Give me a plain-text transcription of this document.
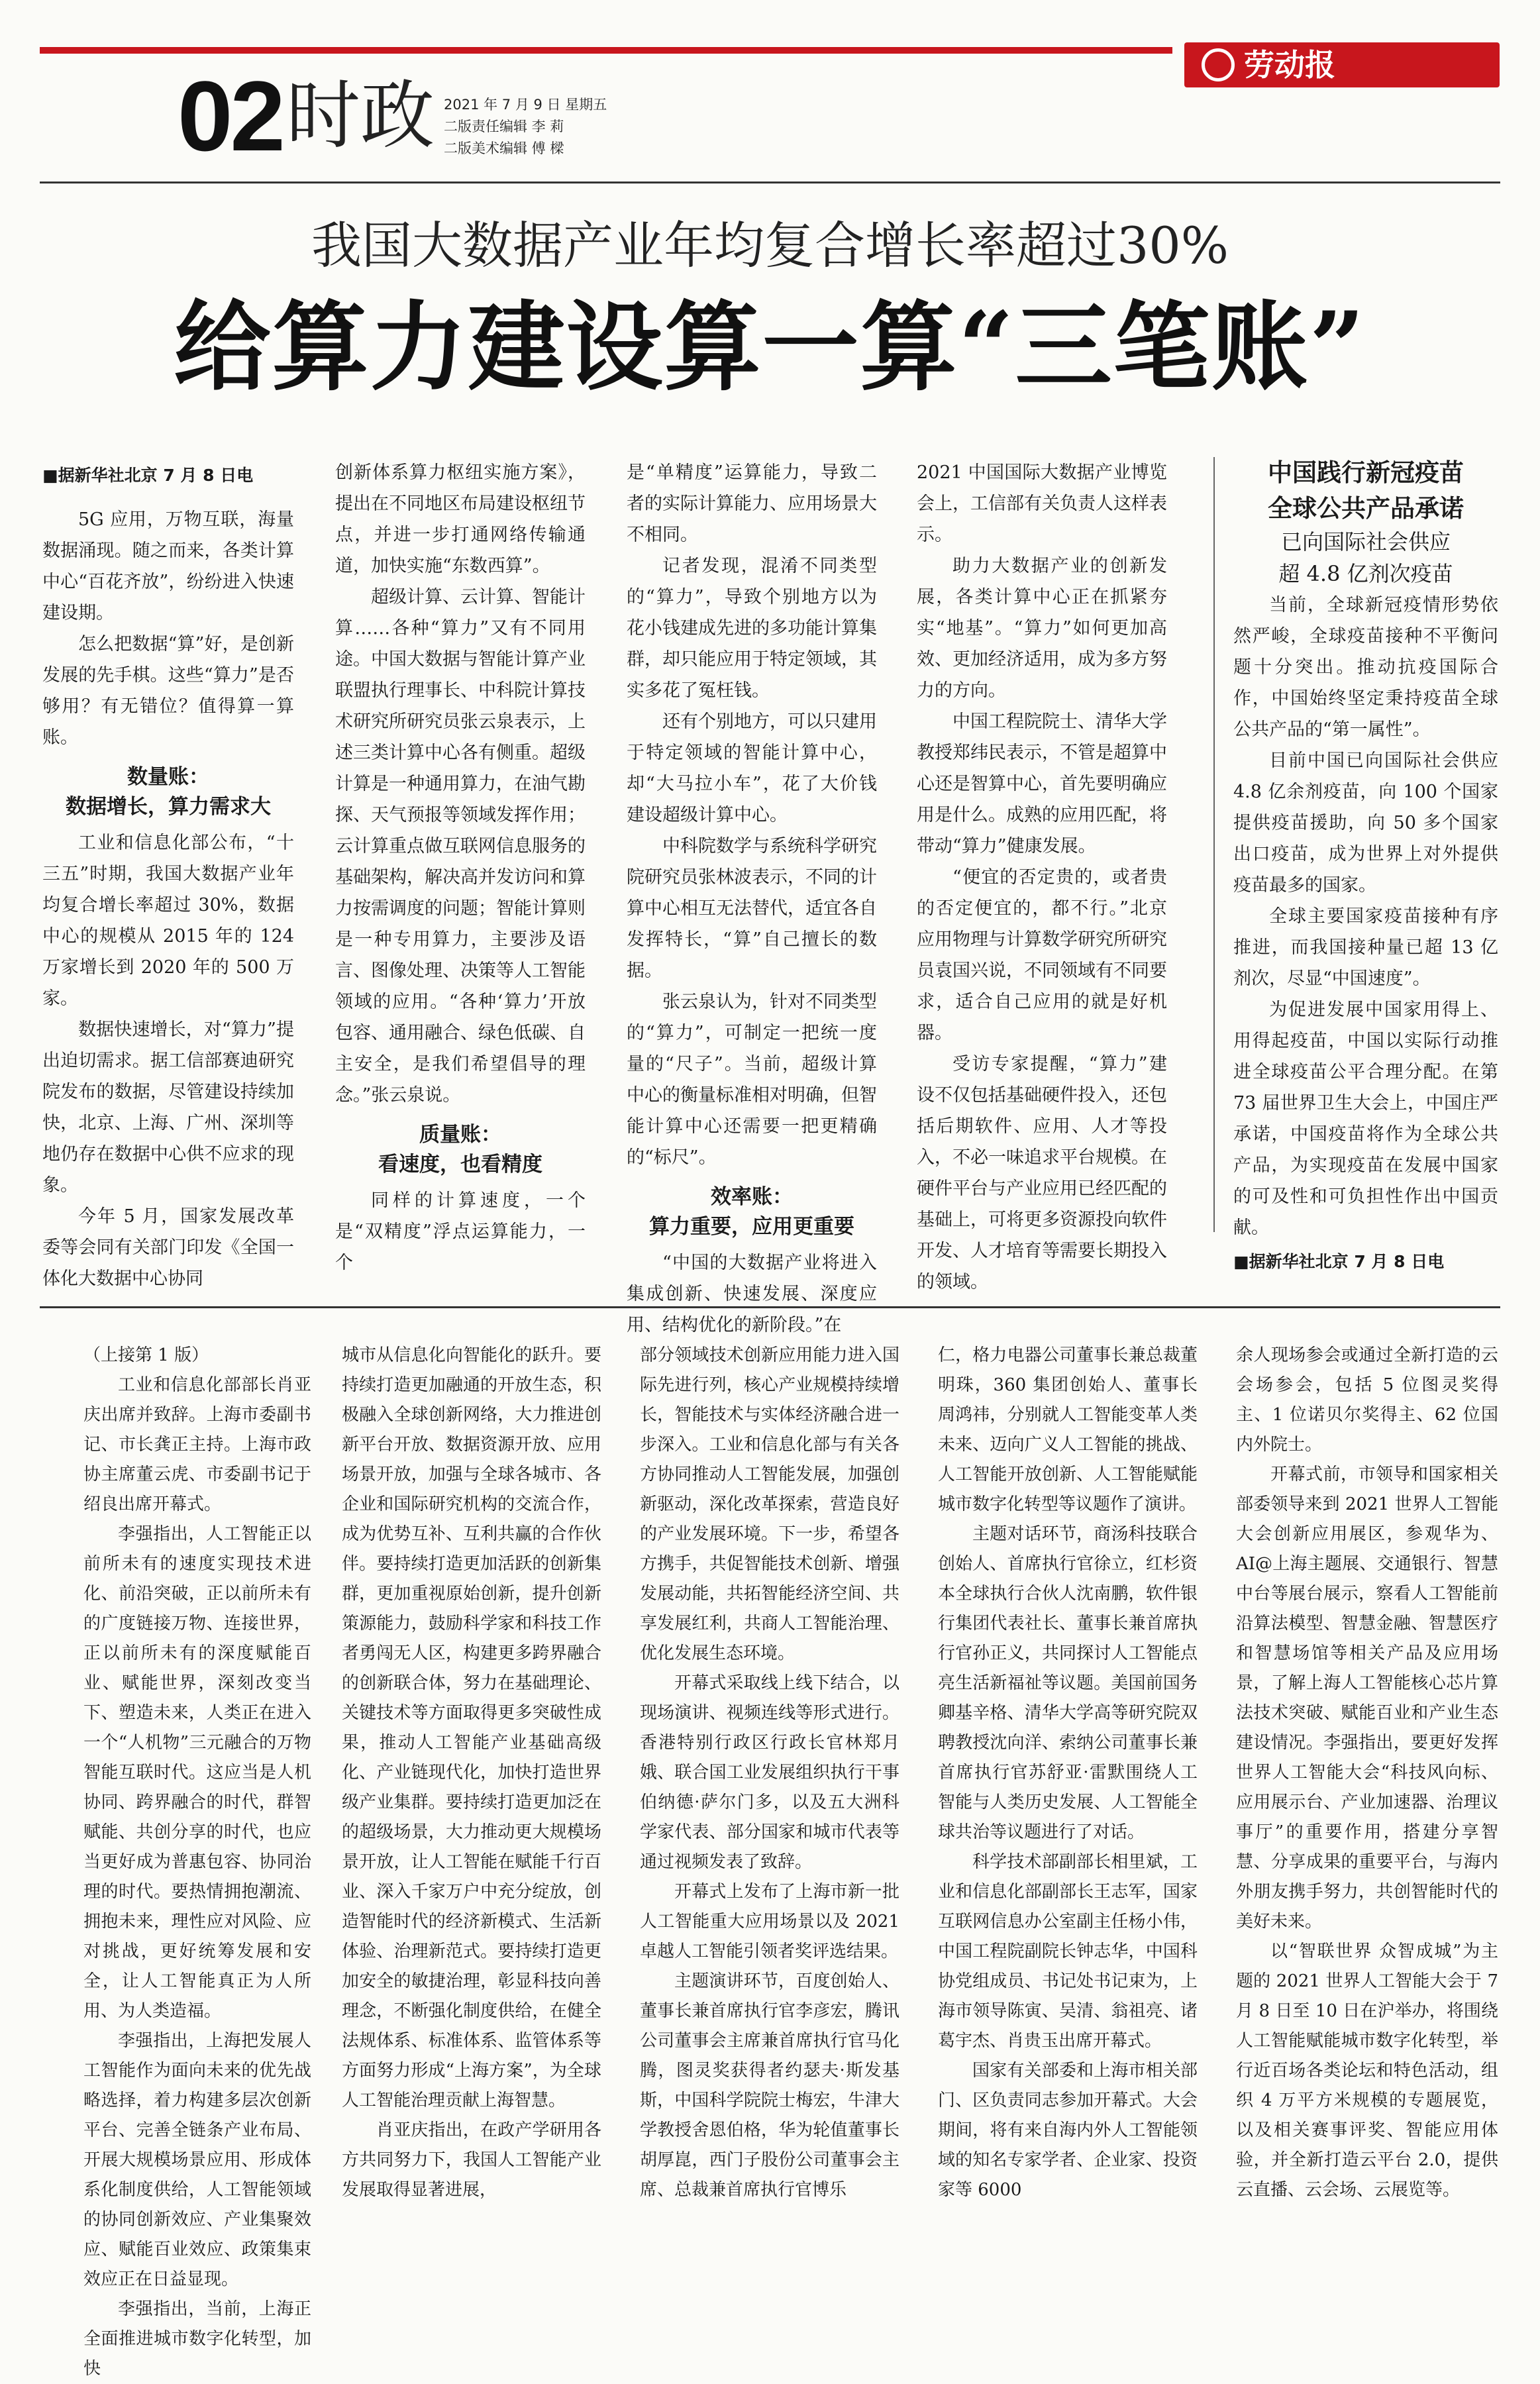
劳动报
02 时政 2021 年 7 月 9 日 星期五
二版责任编辑 李 莉
二版美术编辑 傅 樑
我国大数据产业年均复合增长率超过30%
给算力建设算一算“三笔账”

■据新华社北京 7 月 8 日电

5G 应用，万物互联，海量数据涌现。随之而来，各类计算中心“百花齐放”，纷纷进入快速建设期。

怎么把数据“算”好，是创新发展的先手棋。这些“算力”是否够用？有无错位？值得算一算账。

数量账：
数据增长，算力需求大

工业和信息化部公布，“十三五”时期，我国大数据产业年均复合增长率超过 30%，数据中心的规模从 2015 年的 124 万家增长到 2020 年的 500 万家。

数据快速增长，对“算力”提出迫切需求。据工信部赛迪研究院发布的数据，尽管建设持续加快，北京、上海、广州、深圳等地仍存在数据中心供不应求的现象。

今年 5 月，国家发展改革委等会同有关部门印发《全国一体化大数据中心协同

创新体系算力枢纽实施方案》，提出在不同地区布局建设枢纽节点，并进一步打通网络传输通道，加快实施“东数西算”。

超级计算、云计算、智能计算……各种“算力”又有不同用途。中国大数据与智能计算产业联盟执行理事长、中科院计算技术研究所研究员张云泉表示，上述三类计算中心各有侧重。超级计算是一种通用算力，在油气勘探、天气预报等领域发挥作用；云计算重点做互联网信息服务的基础架构，解决高并发访问和算力按需调度的问题；智能计算则是一种专用算力，主要涉及语言、图像处理、决策等人工智能领域的应用。“各种‘算力’开放包容、通用融合、绿色低碳、自主安全，是我们希望倡导的理念。”张云泉说。

质量账：
看速度，也看精度

同样的计算速度，一个是“双精度”浮点运算能力，一个

是“单精度”运算能力，导致二者的实际计算能力、应用场景大不相同。

记者发现，混淆不同类型的“算力”，导致个别地方以为花小钱建成先进的多功能计算集群，却只能应用于特定领域，其实多花了冤枉钱。

还有个别地方，可以只建用于特定领域的智能计算中心，却“大马拉小车”，花了大价钱建设超级计算中心。

中科院数学与系统科学研究院研究员张林波表示，不同的计算中心相互无法替代，适宜各自发挥特长，“算”自己擅长的数据。

张云泉认为，针对不同类型的“算力”，可制定一把统一度量的“尺子”。当前，超级计算中心的衡量标准相对明确，但智能计算中心还需要一把更精确的“标尺”。

效率账：
算力重要，应用更重要

“中国的大数据产业将进入集成创新、快速发展、深度应用、结构优化的新阶段。”在

2021 中国国际大数据产业博览会上，工信部有关负责人这样表示。

助力大数据产业的创新发展，各类计算中心正在抓紧夯实“地基”。“算力”如何更加高效、更加经济适用，成为多方努力的方向。

中国工程院院士、清华大学教授郑纬民表示，不管是超算中心还是智算中心，首先要明确应用是什么。成熟的应用匹配，将带动“算力”健康发展。

“便宜的否定贵的，或者贵的否定便宜的，都不行。”北京应用物理与计算数学研究所研究员袁国兴说，不同领域有不同要求，适合自己应用的就是好机器。

受访专家提醒，“算力”建设不仅包括基础硬件投入，还包括后期软件、应用、人才等投入，不必一味追求平台规模。在硬件平台与产业应用已经匹配的基础上，可将更多资源投向软件开发、人才培育等需要长期投入的领域。

中国践行新冠疫苗
全球公共产品承诺

已向国际社会供应
超 4.8 亿剂次疫苗

当前，全球新冠疫情形势依然严峻，全球疫苗接种不平衡问题十分突出。推动抗疫国际合作，中国始终坚定秉持疫苗全球公共产品的“第一属性”。

目前中国已向国际社会供应 4.8 亿余剂疫苗，向 100 个国家提供疫苗援助，向 50 多个国家出口疫苗，成为世界上对外提供疫苗最多的国家。

全球主要国家疫苗接种有序推进，而我国接种量已超 13 亿剂次，尽显“中国速度”。

为促进发展中国家用得上、用得起疫苗，中国以实际行动推进全球疫苗公平合理分配。在第 73 届世界卫生大会上，中国庄严承诺，中国疫苗将作为全球公共产品，为实现疫苗在发展中国家的可及性和可负担性作出中国贡献。

■据新华社北京 7 月 8 日电

（上接第 1 版）

工业和信息化部部长肖亚庆出席并致辞。上海市委副书记、市长龚正主持。上海市政协主席董云虎、市委副书记于绍良出席开幕式。

李强指出，人工智能正以前所未有的速度实现技术进化、前沿突破，正以前所未有的广度链接万物、连接世界，正以前所未有的深度赋能百业、赋能世界，深刻改变当下、塑造未来，人类正在进入一个“人机物”三元融合的万物智能互联时代。这应当是人机协同、跨界融合的时代，群智赋能、共创分享的时代，也应当更好成为普惠包容、协同治理的时代。要热情拥抱潮流、拥抱未来，理性应对风险、应对挑战，更好统筹发展和安全，让人工智能真正为人所用、为人类造福。

李强指出，上海把发展人工智能作为面向未来的优先战略选择，着力构建多层次创新平台、完善全链条产业布局、开展大规模场景应用、形成体系化制度供给，人工智能领域的协同创新效应、产业集聚效应、赋能百业效应、政策集束效应正在日益显现。

李强指出，当前，上海正全面推进城市数字化转型，加快

城市从信息化向智能化的跃升。要持续打造更加融通的开放生态，积极融入全球创新网络，大力推进创新平台开放、数据资源开放、应用场景开放，加强与全球各城市、各企业和国际研究机构的交流合作，成为优势互补、互利共赢的合作伙伴。要持续打造更加活跃的创新集群，更加重视原始创新，提升创新策源能力，鼓励科学家和科技工作者勇闯无人区，构建更多跨界融合的创新联合体，努力在基础理论、关键技术等方面取得更多突破性成果，推动人工智能产业基础高级化、产业链现代化，加快打造世界级产业集群。要持续打造更加泛在的超级场景，大力推动更大规模场景开放，让人工智能在赋能千行百业、深入千家万户中充分绽放，创造智能时代的经济新模式、生活新体验、治理新范式。要持续打造更加安全的敏捷治理，彰显科技向善理念，不断强化制度供给，在健全法规体系、标准体系、监管体系等方面努力形成“上海方案”，为全球人工智能治理贡献上海智慧。

肖亚庆指出，在政产学研用各方共同努力下，我国人工智能产业发展取得显著进展，

部分领域技术创新应用能力进入国际先进行列，核心产业规模持续增长，智能技术与实体经济融合进一步深入。工业和信息化部与有关各方协同推动人工智能发展，加强创新驱动，深化改革探索，营造良好的产业发展环境。下一步，希望各方携手，共促智能技术创新、增强发展动能，共拓智能经济空间、共享发展红利，共商人工智能治理、优化发展生态环境。

开幕式采取线上线下结合，以现场演讲、视频连线等形式进行。香港特别行政区行政长官林郑月娥、联合国工业发展组织执行干事伯纳德·萨尔门多，以及五大洲科学家代表、部分国家和城市代表等通过视频发表了致辞。

开幕式上发布了上海市新一批人工智能重大应用场景以及 2021 卓越人工智能引领者奖评选结果。

主题演讲环节，百度创始人、董事长兼首席执行官李彦宏，腾讯公司董事会主席兼首席执行官马化腾，图灵奖获得者约瑟夫·斯发基斯，中国科学院院士梅宏，牛津大学教授舍恩伯格，华为轮值董事长胡厚崑，西门子股份公司董事会主席、总裁兼首席执行官博乐

仁，格力电器公司董事长兼总裁董明珠，360 集团创始人、董事长周鸿祎，分别就人工智能变革人类未来、迈向广义人工智能的挑战、人工智能开放创新、人工智能赋能城市数字化转型等议题作了演讲。

主题对话环节，商汤科技联合创始人、首席执行官徐立，红杉资本全球执行合伙人沈南鹏，软件银行集团代表社长、董事长兼首席执行官孙正义，共同探讨人工智能点亮生活新福祉等议题。美国前国务卿基辛格、清华大学高等研究院双聘教授沈向洋、索纳公司董事长兼首席执行官苏舒亚·雷默围绕人工智能与人类历史发展、人工智能全球共治等议题进行了对话。

科学技术部副部长相里斌，工业和信息化部副部长王志军，国家互联网信息办公室副主任杨小伟，中国工程院副院长钟志华，中国科协党组成员、书记处书记束为，上海市领导陈寅、吴清、翁祖亮、诸葛宇杰、肖贵玉出席开幕式。

国家有关部委和上海市相关部门、区负责同志参加开幕式。大会期间，将有来自海内外人工智能领域的知名专家学者、企业家、投资家等 6000

余人现场参会或通过全新打造的云会场参会，包括 5 位图灵奖得主、1 位诺贝尔奖得主、62 位国内外院士。

开幕式前，市领导和国家相关部委领导来到 2021 世界人工智能大会创新应用展区，参观华为、AI@上海主题展、交通银行、智慧中台等展台展示，察看人工智能前沿算法模型、智慧金融、智慧医疗和智慧场馆等相关产品及应用场景，了解上海人工智能核心芯片算法技术突破、赋能百业和产业生态建设情况。李强指出，要更好发挥世界人工智能大会“科技风向标、应用展示台、产业加速器、治理议事厅”的重要作用，搭建分享智慧、分享成果的重要平台，与海内外朋友携手努力，共创智能时代的美好未来。

以“智联世界 众智成城”为主题的 2021 世界人工智能大会于 7 月 8 日至 10 日在沪举办，将围绕人工智能赋能城市数字化转型，举行近百场各类论坛和特色活动，组织 4 万平方米规模的专题展览，以及相关赛事评奖、智能应用体验，并全新打造云平台 2.0，提供云直播、云会场、云展览等。
